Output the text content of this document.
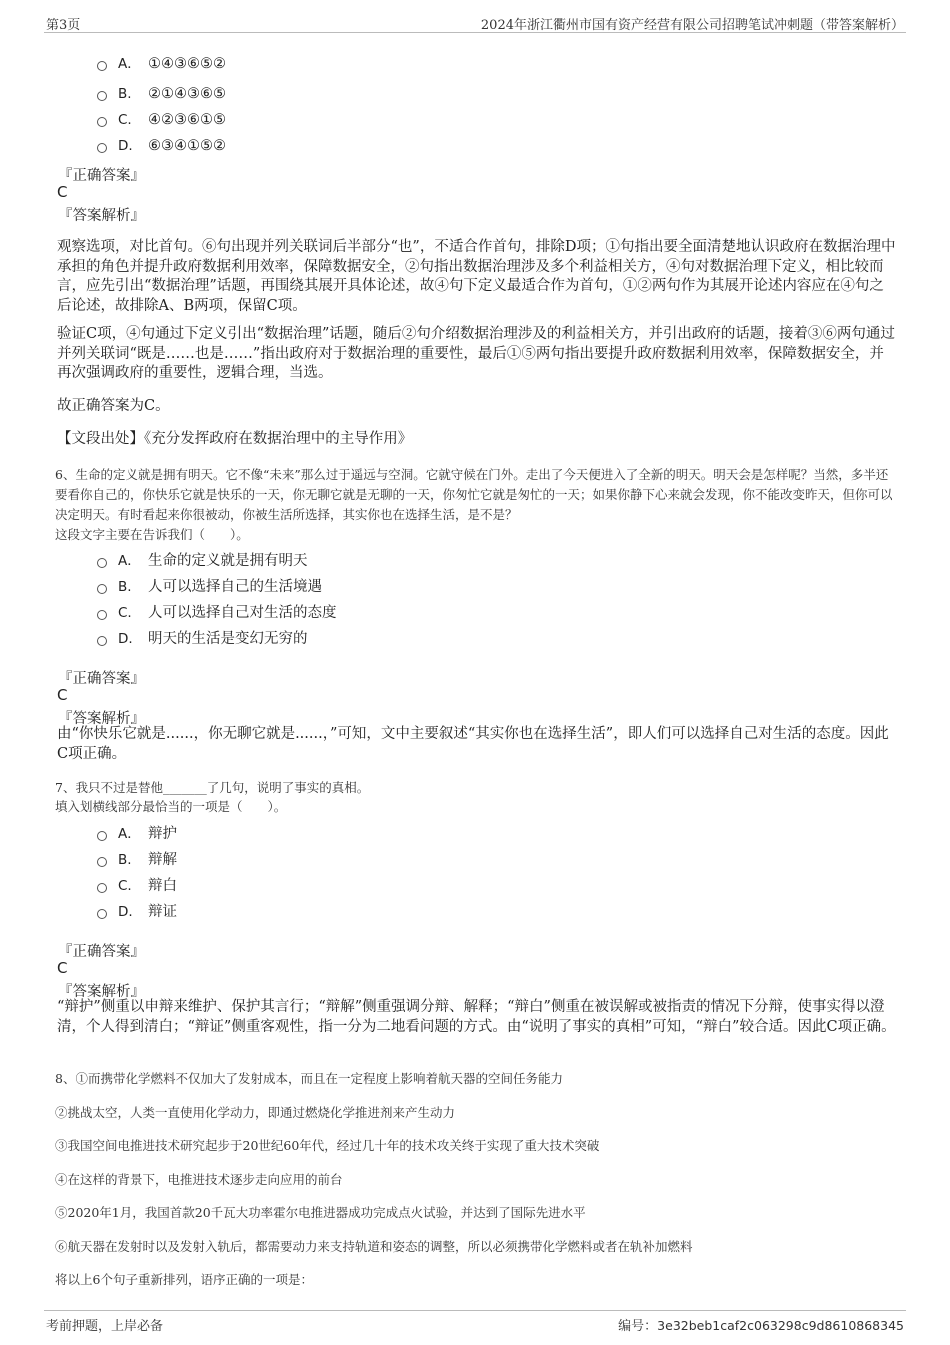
第3页	2024年浙江衢州市国有资产经营有限公司招聘笔试冲刺题（带答案解析）
A． ①④③⑥⑤②
B. ②①④③⑥⑤
C. ④②③⑥①⑤
D. ⑥③④①⑤②
『正确答案』
C
『答案解析』
观察选项，对比首句。⑥句出现并列关联词后半部分“也”，不适合作首句，排除D项；①句指出要全面清楚地认识政府在数据治理中承担的角色并提升政府数据利用效率，保障数据安全，②句指出数据治理涉及多个利益相关方，④句对数据治理下定义，相比较而言，应先引出“数据治理”话题，再围绕其展开具体论述，故④句下定义最适合作为首句，①②两句作为其展开论述内容应在④句之后论述，故排除A、B两项，保留C项。
验证C项，④句通过下定义引出“数据治理”话题，随后②句介绍数据治理涉及的利益相关方，并引出政府的话题，接着③⑥两句通过并列关联词“既是……也是……”指出政府对于数据治理的重要性，最后①⑤两句指出要提升政府数据利用效率，保障数据安全，并再次强调政府的重要性，逻辑合理，当选。
故正确答案为C。
【文段出处】《充分发挥政府在数据治理中的主导作用》
6、生命的定义就是拥有明天。它不像“未来”那么过于遥远与空洞。它就守候在门外。走出了今天便进入了全新的明天。明天会是怎样呢？当然，多半还要看你自己的，你快乐它就是快乐的一天，你无聊它就是无聊的一天，你匆忙它就是匆忙的一天；如果你静下心来就会发现，你不能改变昨天，但你可以决定明天。有时看起来你很被动，你被生活所选择，其实你也在选择生活，是不是？
这段文字主要在告诉我们（　　）。
A． 生命的定义就是拥有明天
B. 人可以选择自己的生活境遇
C. 人可以选择自己对生活的态度
D. 明天的生活是变幻无穷的
『正确答案』
C
『答案解析』
由“你快乐它就是......，你无聊它就是......，”可知，文中主要叙述“其实你也在选择生活”，即人们可以选择自己对生活的态度。因此C项正确。
7、我只不过是替他_______了几句，说明了事实的真相。
填入划横线部分最恰当的一项是（　　）。
A． 辩护
B. 辩解
C. 辩白
D. 辩证
『正确答案』
C
『答案解析』
“辩护”侧重以申辩来维护、保护其言行；“辩解”侧重强调分辩、解释；“辩白”侧重在被误解或被指责的情况下分辩，使事实得以澄清，个人得到清白；“辩证”侧重客观性，指一分为二地看问题的方式。由“说明了事实的真相”可知，“辩白”较合适。因此C项正确。
8、①而携带化学燃料不仅加大了发射成本，而且在一定程度上影响着航天器的空间任务能力
②挑战太空，人类一直使用化学动力，即通过燃烧化学推进剂来产生动力
③我国空间电推进技术研究起步于20世纪60年代，经过几十年的技术攻关终于实现了重大技术突破
④在这样的背景下，电推进技术逐步走向应用的前台
⑤2020年1月，我国首款20千瓦大功率霍尔电推进器成功完成点火试验，并达到了国际先进水平
⑥航天器在发射时以及发射入轨后，都需要动力来支持轨道和姿态的调整，所以必须携带化学燃料或者在轨补加燃料
将以上6个句子重新排列，语序正确的一项是：
考前押题，上岸必备	编号：3e32beb1caf2c063298c9d8610868345
